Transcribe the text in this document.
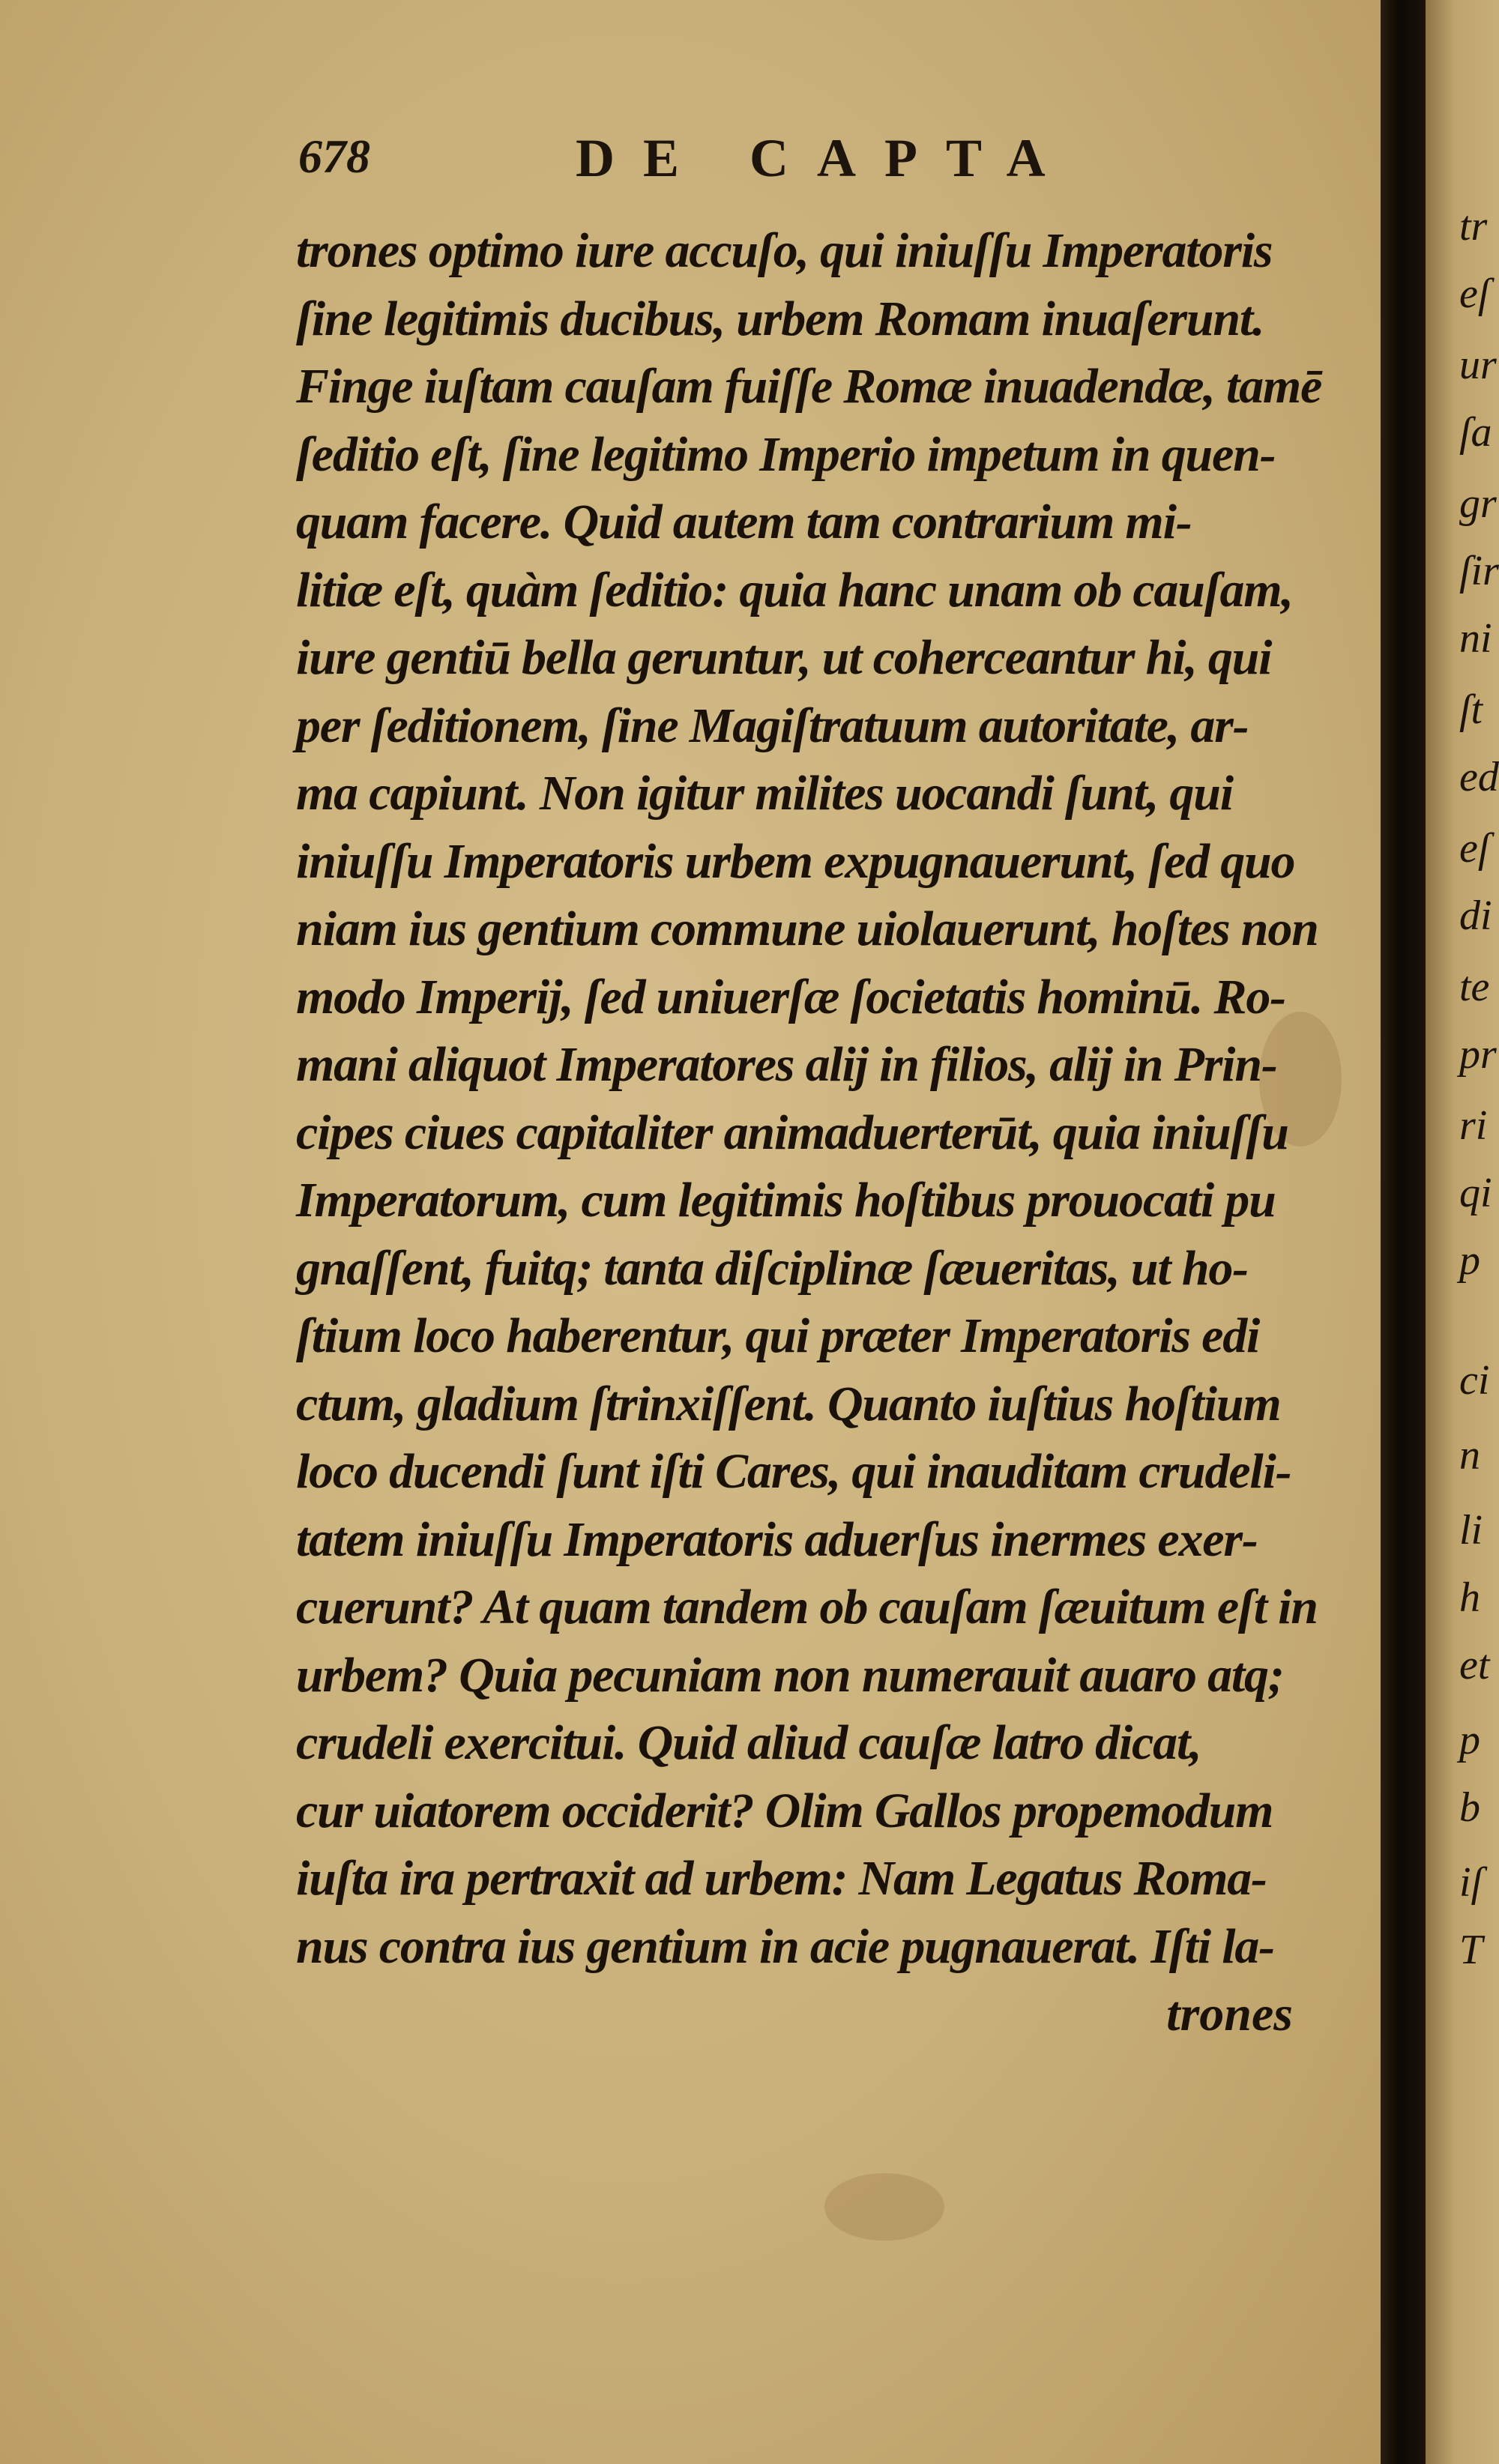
678	DE CAPTA
trones optimo iure accuſo, qui iniuſſu Imperatoris
ſine legitimis ducibus, urbem Romam inuaſerunt.
Finge iuſtam cauſam fuiſſe Romæ inuadendæ, tamē
ſeditio eſt, ſine legitimo Imperio impetum in quen-
quam facere. Quid autem tam contrarium mi-
litiæ eſt, quàm ſeditio: quia hanc unam ob cauſam,
iure gentiū bella geruntur, ut coherceantur hi, qui
per ſeditionem, ſine Magiſtratuum autoritate, ar-
ma capiunt. Non igitur milites uocandi ſunt, qui
iniuſſu Imperatoris urbem expugnauerunt, ſed quo
niam ius gentium commune uiolauerunt, hoſtes non
modo Imperij, ſed uniuerſæ ſocietatis hominū. Ro-
mani aliquot Imperatores alij in filios, alij in Prin-
cipes ciues capitaliter animaduerterūt, quia iniuſſu
Imperatorum, cum legitimis hoſtibus prouocati pu
gnaſſent, fuitq; tanta diſciplinæ ſæueritas, ut ho-
ſtium loco haberentur, qui præter Imperatoris edi
ctum, gladium ſtrinxiſſent. Quanto iuſtius hoſtium
loco ducendi ſunt iſti Cares, qui inauditam crudeli-
tatem iniuſſu Imperatoris aduerſus inermes exer-
cuerunt? At quam tandem ob cauſam ſæuitum eſt in
urbem? Quia pecuniam non numerauit auaro atq;
crudeli exercitui. Quid aliud cauſæ latro dicat,
cur uiatorem occiderit? Olim Gallos propemodum
iuſta ira pertraxit ad urbem: Nam Legatus Roma-
nus contra ius gentium in acie pugnauerat. Iſti la-
trones
tr
eſ
ur
ſa
gr
ſir
ni
ſt
ed
eſ
di
te
pr
ri
qi
p
ci
n
li
h
et
p
b
iſ
T
